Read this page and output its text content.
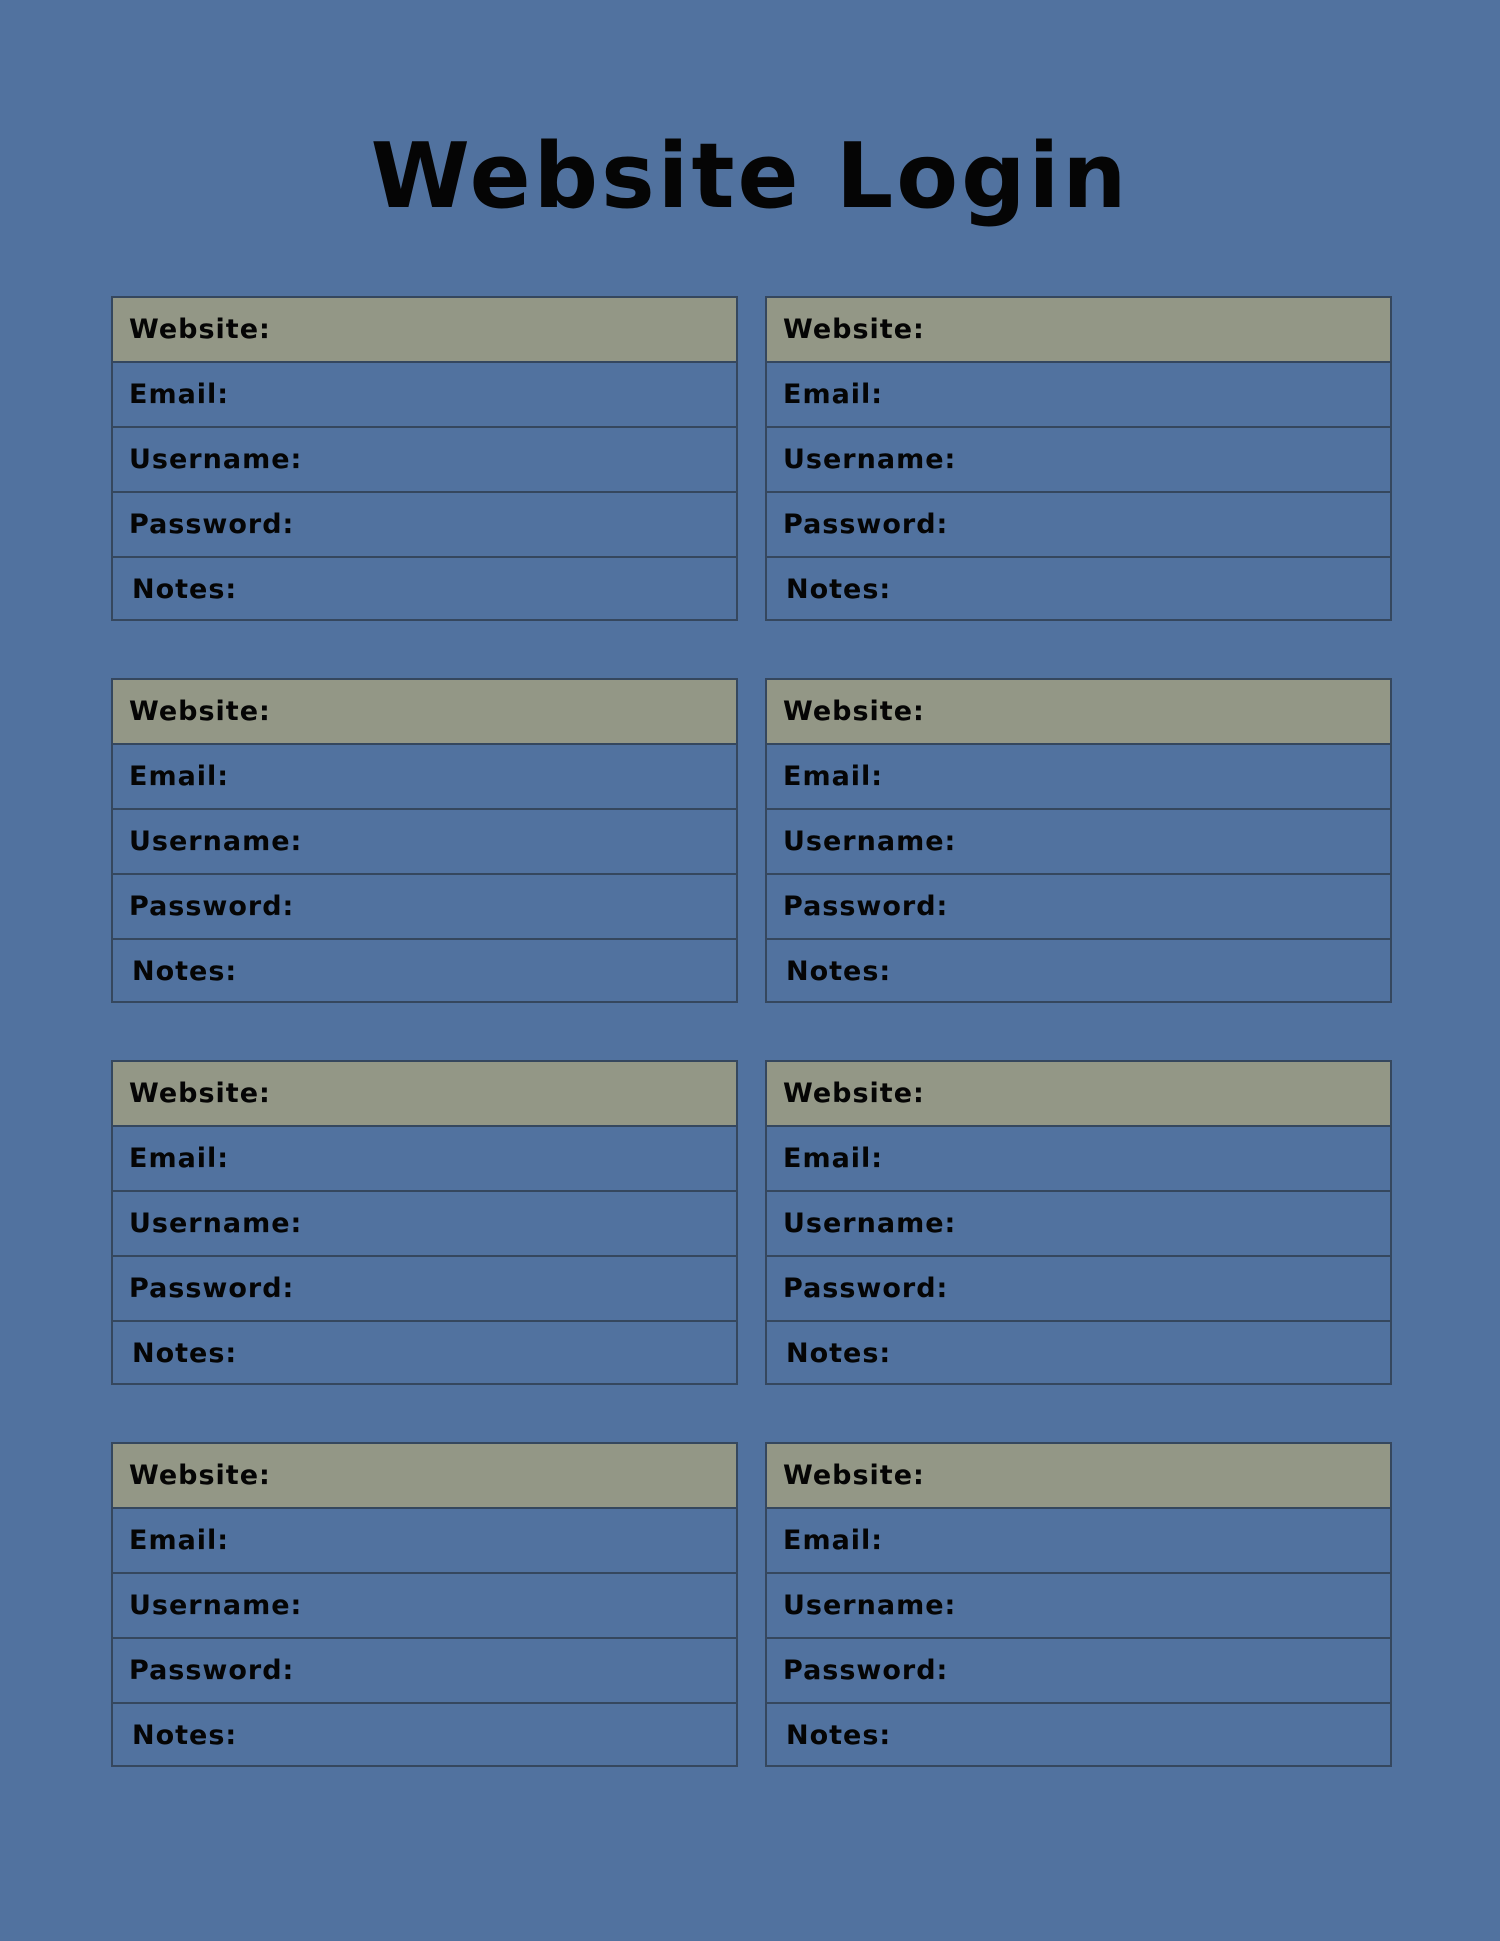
Website Login
Website:
Email:
Username:
Password:
Notes:
Website:
Email:
Username:
Password:
Notes:
Website:
Email:
Username:
Password:
Notes:
Website:
Email:
Username:
Password:
Notes:
Website:
Email:
Username:
Password:
Notes:
Website:
Email:
Username:
Password:
Notes:
Website:
Email:
Username:
Password:
Notes:
Website:
Email:
Username:
Password:
Notes:
